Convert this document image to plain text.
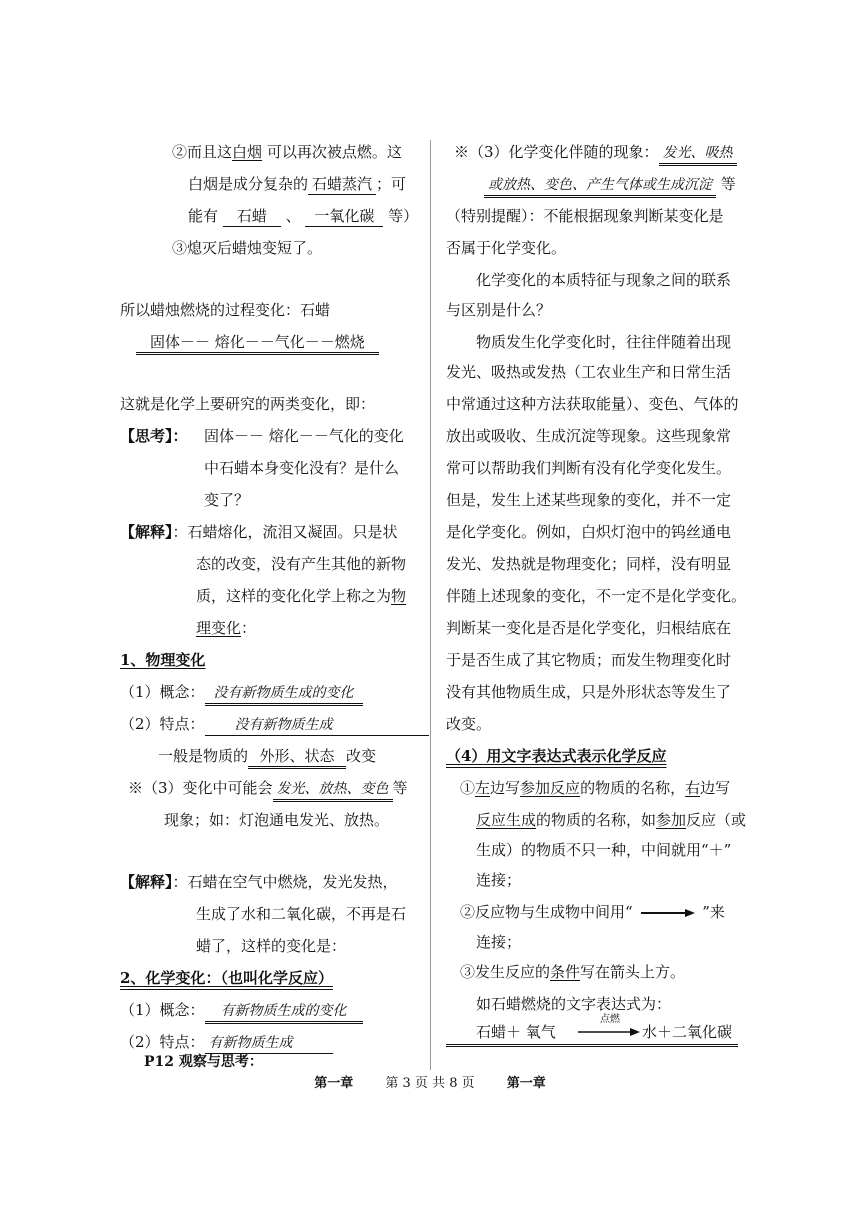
②而且这白烟 可以再次被点燃。这
白烟是成分复杂的 石蜡蒸汽 ；可
能有 石蜡 、 一氧化碳 等）
③熄灭后蜡烛变短了。
所以蜡烛燃烧的过程变化：石蜡
固体－－ 熔化－－气化－－燃烧
这就是化学上要研究的两类变化，即：
【思考】： 固体－－ 熔化－－气化的变化
中石蜡本身变化没有？是什么
变了？
【解释】：石蜡熔化，流泪又凝固。只是状
态的改变，没有产生其他的新物
质，这样的变化化学上称之为物
理变化：
1、物理变化
（1）概念： 没有新物质生成的变化
（2）特点： 没有新物质生成
一般是物质的 外形、状态 改变
※（3）变化中可能会 发光、放热、变色 等
现象；如：灯泡通电发光、放热。
【解释】：石蜡在空气中燃烧，发光发热，
生成了水和二氧化碳，不再是石
蜡了，这样的变化是：
2、化学变化：（也叫化学反应）
（1）概念： 有新物质生成的变化
（2）特点： 有新物质生成
P12 观察与思考：
※（3）化学变化伴随的现象： 发光、吸热
或放热、变色、产生气体或生成沉淀 等
（特别提醒）：不能根据现象判断某变化是
否属于化学变化。
化学变化的本质特征与现象之间的联系
与区别是什么？
物质发生化学变化时，往往伴随着出现
发光、吸热或发热（工农业生产和日常生活
中常通过这种方法获取能量）、变色、气体的
放出或吸收、生成沉淀等现象。这些现象常
常可以帮助我们判断有没有化学变化发生。
但是，发生上述某些现象的变化，并不一定
是化学变化。例如，白炽灯泡中的钨丝通电
发光、发热就是物理变化；同样，没有明显
伴随上述现象的变化，不一定不是化学变化。
判断某一变化是否是化学变化，归根结底在
于是否生成了其它物质；而发生物理变化时
没有其他物质生成，只是外形状态等发生了
改变。
（4）用文字表达式表示化学反应
①左边写参加反应的物质的名称，右边写
反应生成的物质的名称，如参加反应（或
生成）的物质不只一种，中间就用“＋”
连接；
②反应物与生成物中间用“	”来
连接；
③发生反应的条件写在箭头上方。
如石蜡燃烧的文字表达式为：
石蜡＋ 氧气
点燃
水＋二氧化碳
第一章 第 3 页 共 8 页 第一章
